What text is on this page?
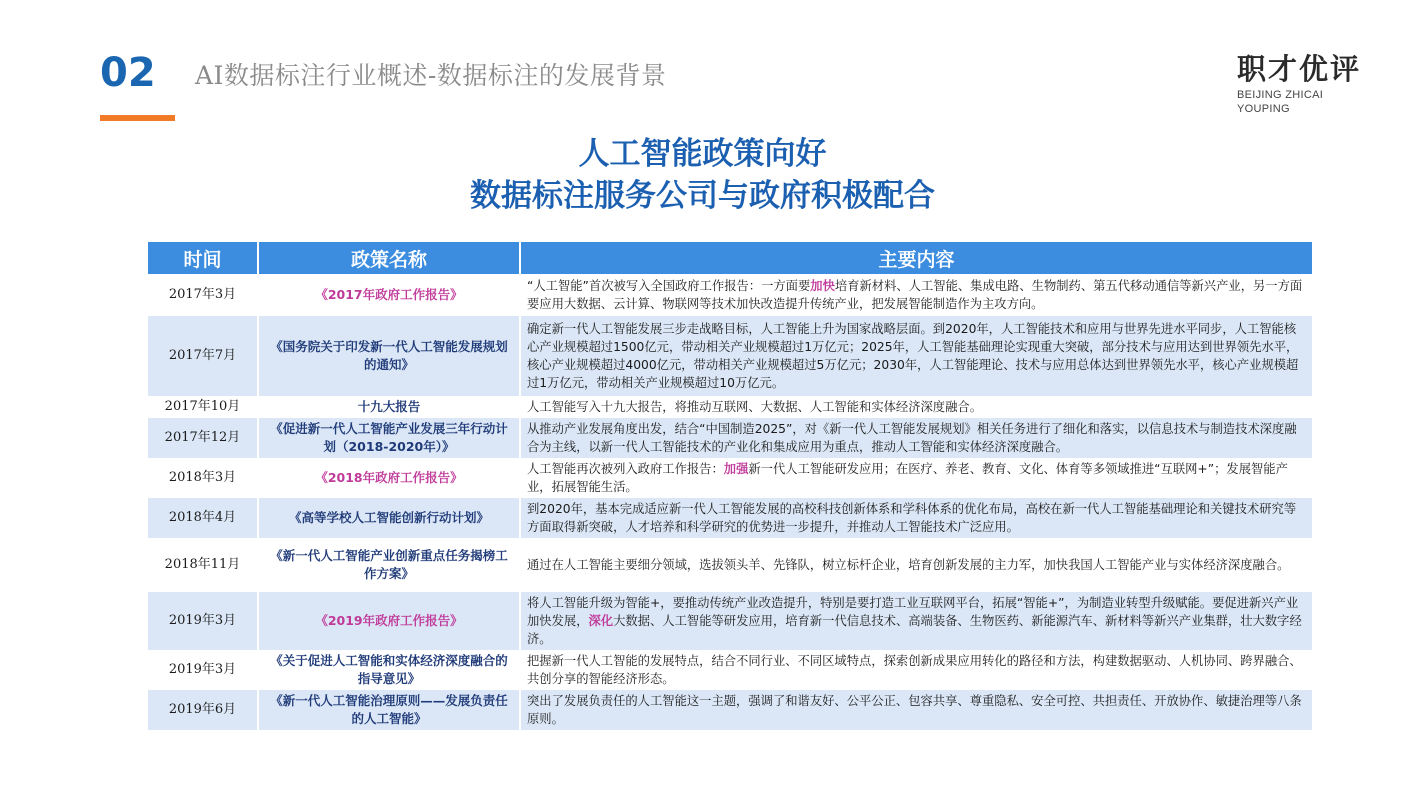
02 AI数据标注行业概述-数据标注的发展背景	职才优评
BEIJING ZHICAI YOUPING
人工智能政策向好
数据标注服务公司与政府积极配合
时间	政策名称	主要内容
2017年3月	《2017年政府工作报告》	“人工智能”首次被写入全国政府工作报告：一方面要加快培育新材料、人工智能、集成电路、生物制药、第五代移动通信等新兴产业，另一方面要应用大数据、云计算、物联网等技术加快改造提升传统产业，把发展智能制造作为主攻方向。
2017年7月	《国务院关于印发新一代人工智能发展规划的通知》	确定新一代人工智能发展三步走战略目标，人工智能上升为国家战略层面。到2020年，人工智能技术和应用与世界先进水平同步，人工智能核心产业规模超过1500亿元，带动相关产业规模超过1万亿元；2025年，人工智能基础理论实现重大突破，部分技术与应用达到世界领先水平，核心产业规模超过4000亿元，带动相关产业规模超过5万亿元；2030年，人工智能理论、技术与应用总体达到世界领先水平，核心产业规模超过1万亿元，带动相关产业规模超过10万亿元。
2017年10月	十九大报告	人工智能写入十九大报告，将推动互联网、大数据、人工智能和实体经济深度融合。
2017年12月	《促进新一代人工智能产业发展三年行动计划（2018-2020年）》	从推动产业发展角度出发，结合“中国制造2025”，对《新一代人工智能发展规划》相关任务进行了细化和落实，以信息技术与制造技术深度融合为主线，以新一代人工智能技术的产业化和集成应用为重点，推动人工智能和实体经济深度融合。
2018年3月	《2018年政府工作报告》	人工智能再次被列入政府工作报告：加强新一代人工智能研发应用；在医疗、养老、教育、文化、体育等多领域推进“互联网+”；发展智能产业，拓展智能生活。
2018年4月	《高等学校人工智能创新行动计划》	到2020年，基本完成适应新一代人工智能发展的高校科技创新体系和学科体系的优化布局，高校在新一代人工智能基础理论和关键技术研究等方面取得新突破，人才培养和科学研究的优势进一步提升，并推动人工智能技术广泛应用。
2018年11月	《新一代人工智能产业创新重点任务揭榜工作方案》	通过在人工智能主要细分领域，选拔领头羊、先锋队，树立标杆企业，培育创新发展的主力军，加快我国人工智能产业与实体经济深度融合。
2019年3月	《2019年政府工作报告》	将人工智能升级为智能+，要推动传统产业改造提升，特别是要打造工业互联网平台，拓展“智能+”，为制造业转型升级赋能。要促进新兴产业加快发展，深化大数据、人工智能等研发应用，培育新一代信息技术、高端装备、生物医药、新能源汽车、新材料等新兴产业集群，壮大数字经济。
2019年3月	《关于促进人工智能和实体经济深度融合的指导意见》	把握新一代人工智能的发展特点，结合不同行业、不同区域特点，探索创新成果应用转化的路径和方法，构建数据驱动、人机协同、跨界融合、共创分享的智能经济形态。
2019年6月	《新一代人工智能治理原则——发展负责任的人工智能》	突出了发展负责任的人工智能这一主题，强调了和谐友好、公平公正、包容共享、尊重隐私、安全可控、共担责任、开放协作、敏捷治理等八条原则。
百家号/博斯EDU教育
